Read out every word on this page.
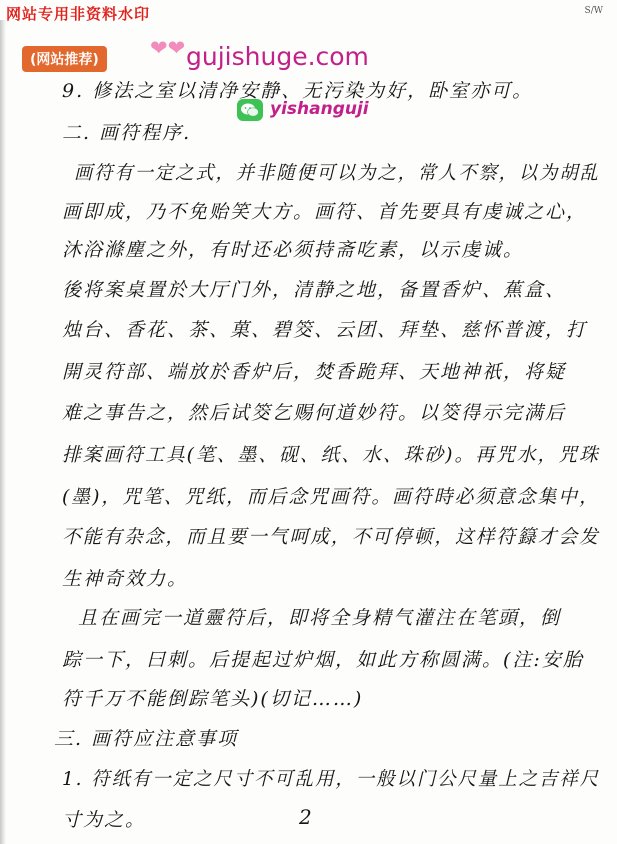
网站专用非资料水印	S/W
(网站推荐)	❤❤ gujishuge.com
yishanguji
9. 修法之室以清净安静、无污染为好，卧室亦可。
二. 画符程序.
画符有一定之式，并非随便可以为之，常人不察，以为胡乱
画即成，乃不免贻笑大方。画符、首先要具有虔诚之心，
沐浴滌塵之外，有时还必须持斋吃素，以示虔诚。
後将案桌置於大厅门外，清静之地，备置香炉、蕉盒、
烛台、香花、茶、菓、碧筊、云团、拜垫、慈怀普渡，打
開灵符部、端放於香炉后，焚香跪拜、天地神祇，将疑
难之事告之，然后试筊乞赐何道妙符。以筊得示完满后
排案画符工具(笔、墨、砚、纸、水、珠砂)。再咒水，咒珠
(墨)，咒笔、咒纸，而后念咒画符。画符時必须意念集中，
不能有杂念，而且要一气呵成，不可停顿，这样符籙才会发
生神奇效力。
且在画完一道靈符后，即将全身精气灌注在笔頭，倒
踪一下，曰刺。后提起过炉烟，如此方称圆满。(注:安胎
符千万不能倒踪笔头)(切记……)
三. 画符应注意事项
1. 符纸有一定之尺寸不可乱用，一般以门公尺量上之吉祥尺
寸为之。	2
